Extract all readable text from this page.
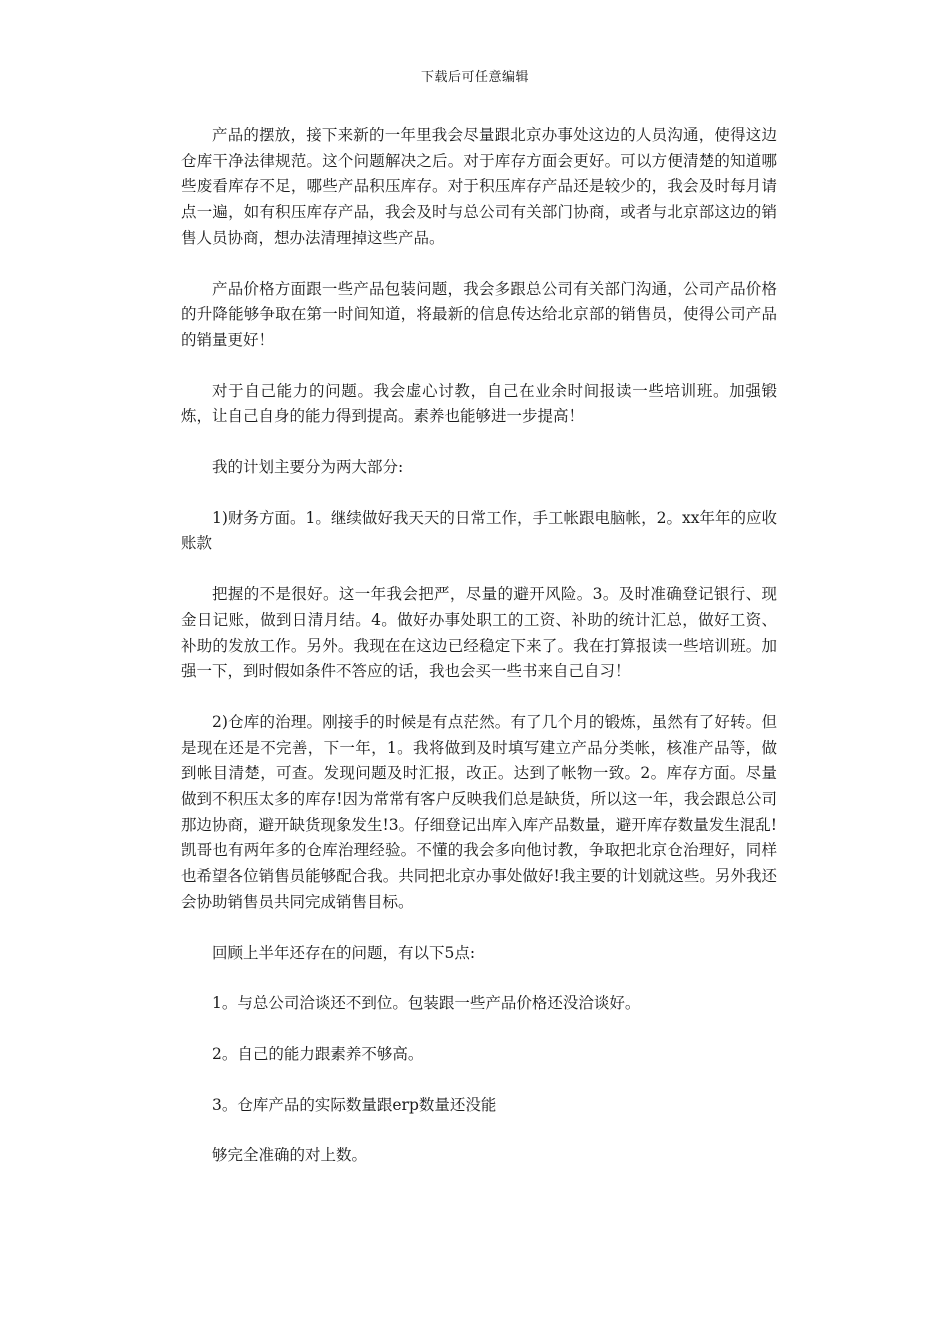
下载后可任意编辑

产品的摆放，接下来新的一年里我会尽量跟北京办事处这边的人员沟通，使得这边仓库干净法律规范。这个问题解决之后。对于库存方面会更好。可以方便清楚的知道哪些废看库存不足，哪些产品积压库存。对于积压库存产品还是较少的，我会及时每月请点一遍，如有积压库存产品，我会及时与总公司有关部门协商，或者与北京部这边的销售人员协商，想办法清理掉这些产品。

产品价格方面跟一些产品包装问题，我会多跟总公司有关部门沟通，公司产品价格的升降能够争取在第一时间知道，将最新的信息传达给北京部的销售员，使得公司产品的销量更好！

对于自己能力的问题。我会虚心讨教，自己在业余时间报读一些培训班。加强锻炼，让自己自身的能力得到提高。素养也能够进一步提高！

我的计划主要分为两大部分:

1)财务方面。1。继续做好我天天的日常工作，手工帐跟电脑帐，2。xx年年的应收账款

把握的不是很好。这一年我会把严，尽量的避开风险。3。及时准确登记银行、现金日记账，做到日清月结。4。做好办事处职工的工资、补助的统计汇总，做好工资、补助的发放工作。另外。我现在在这边已经稳定下来了。我在打算报读一些培训班。加强一下，到时假如条件不答应的话，我也会买一些书来自己自习！

2)仓库的治理。刚接手的时候是有点茫然。有了几个月的锻炼，虽然有了好转。但是现在还是不完善，下一年，1。我将做到及时填写建立产品分类帐，核准产品等，做到帐目清楚，可查。发现问题及时汇报，改正。达到了帐物一致。2。库存方面。尽量做到不积压太多的库存!因为常常有客户反映我们总是缺货，所以这一年，我会跟总公司那边协商，避开缺货现象发生!3。仔细登记出库入库产品数量，避开库存数量发生混乱!凯哥也有两年多的仓库治理经验。不懂的我会多向他讨教，争取把北京仓治理好，同样也希望各位销售员能够配合我。共同把北京办事处做好!我主要的计划就这些。另外我还会协助销售员共同完成销售目标。

回顾上半年还存在的问题，有以下5点:

1。与总公司洽谈还不到位。包装跟一些产品价格还没洽谈好。

2。自己的能力跟素养不够高。

3。仓库产品的实际数量跟erp数量还没能

够完全准确的对上数。
